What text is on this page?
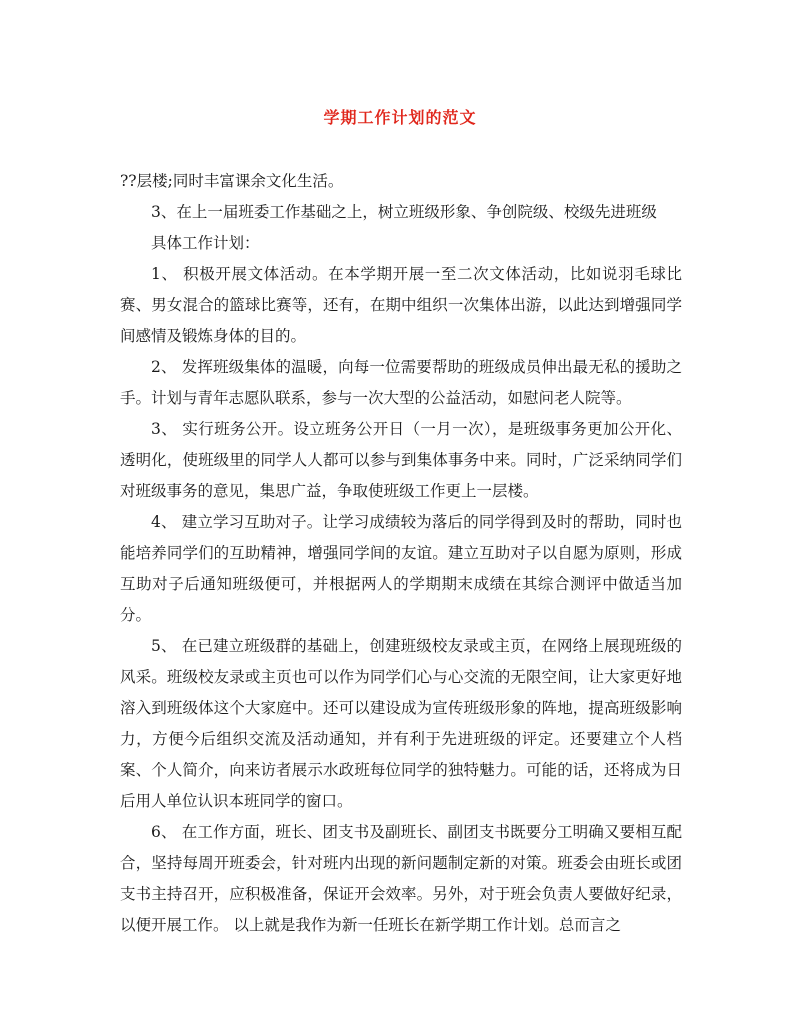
学期工作计划的范文

??层楼;同时丰富课余文化生活。

3、在上一届班委工作基础之上，树立班级形象、争创院级、校级先进班级

具体工作计划：

1、 积极开展文体活动。在本学期开展一至二次文体活动，比如说羽毛球比赛、男女混合的篮球比赛等，还有，在期中组织一次集体出游，以此达到增强同学间感情及锻炼身体的目的。

2、 发挥班级集体的温暖，向每一位需要帮助的班级成员伸出最无私的援助之手。计划与青年志愿队联系，参与一次大型的公益活动，如慰问老人院等。

3、 实行班务公开。设立班务公开日（一月一次），是班级事务更加公开化、透明化，使班级里的同学人人都可以参与到集体事务中来。同时，广泛采纳同学们对班级事务的意见，集思广益，争取使班级工作更上一层楼。

4、 建立学习互助对子。让学习成绩较为落后的同学得到及时的帮助，同时也能培养同学们的互助精神，增强同学间的友谊。建立互助对子以自愿为原则，形成互助对子后通知班级便可，并根据两人的学期期末成绩在其综合测评中做适当加分。

5、 在已建立班级群的基础上，创建班级校友录或主页，在网络上展现班级的风采。班级校友录或主页也可以作为同学们心与心交流的无限空间，让大家更好地溶入到班级体这个大家庭中。还可以建设成为宣传班级形象的阵地，提高班级影响力，方便今后组织交流及活动通知，并有利于先进班级的评定。还要建立个人档案、个人简介，向来访者展示水政班每位同学的独特魅力。可能的话，还将成为日后用人单位认识本班同学的窗口。

6、 在工作方面，班长、团支书及副班长、副团支书既要分工明确又要相互配合，坚持每周开班委会，针对班内出现的新问题制定新的对策。班委会由班长或团支书主持召开，应积极准备，保证开会效率。另外，对于班会负责人要做好纪录，以便开展工作。 以上就是我作为新一任班长在新学期工作计划。总而言之
